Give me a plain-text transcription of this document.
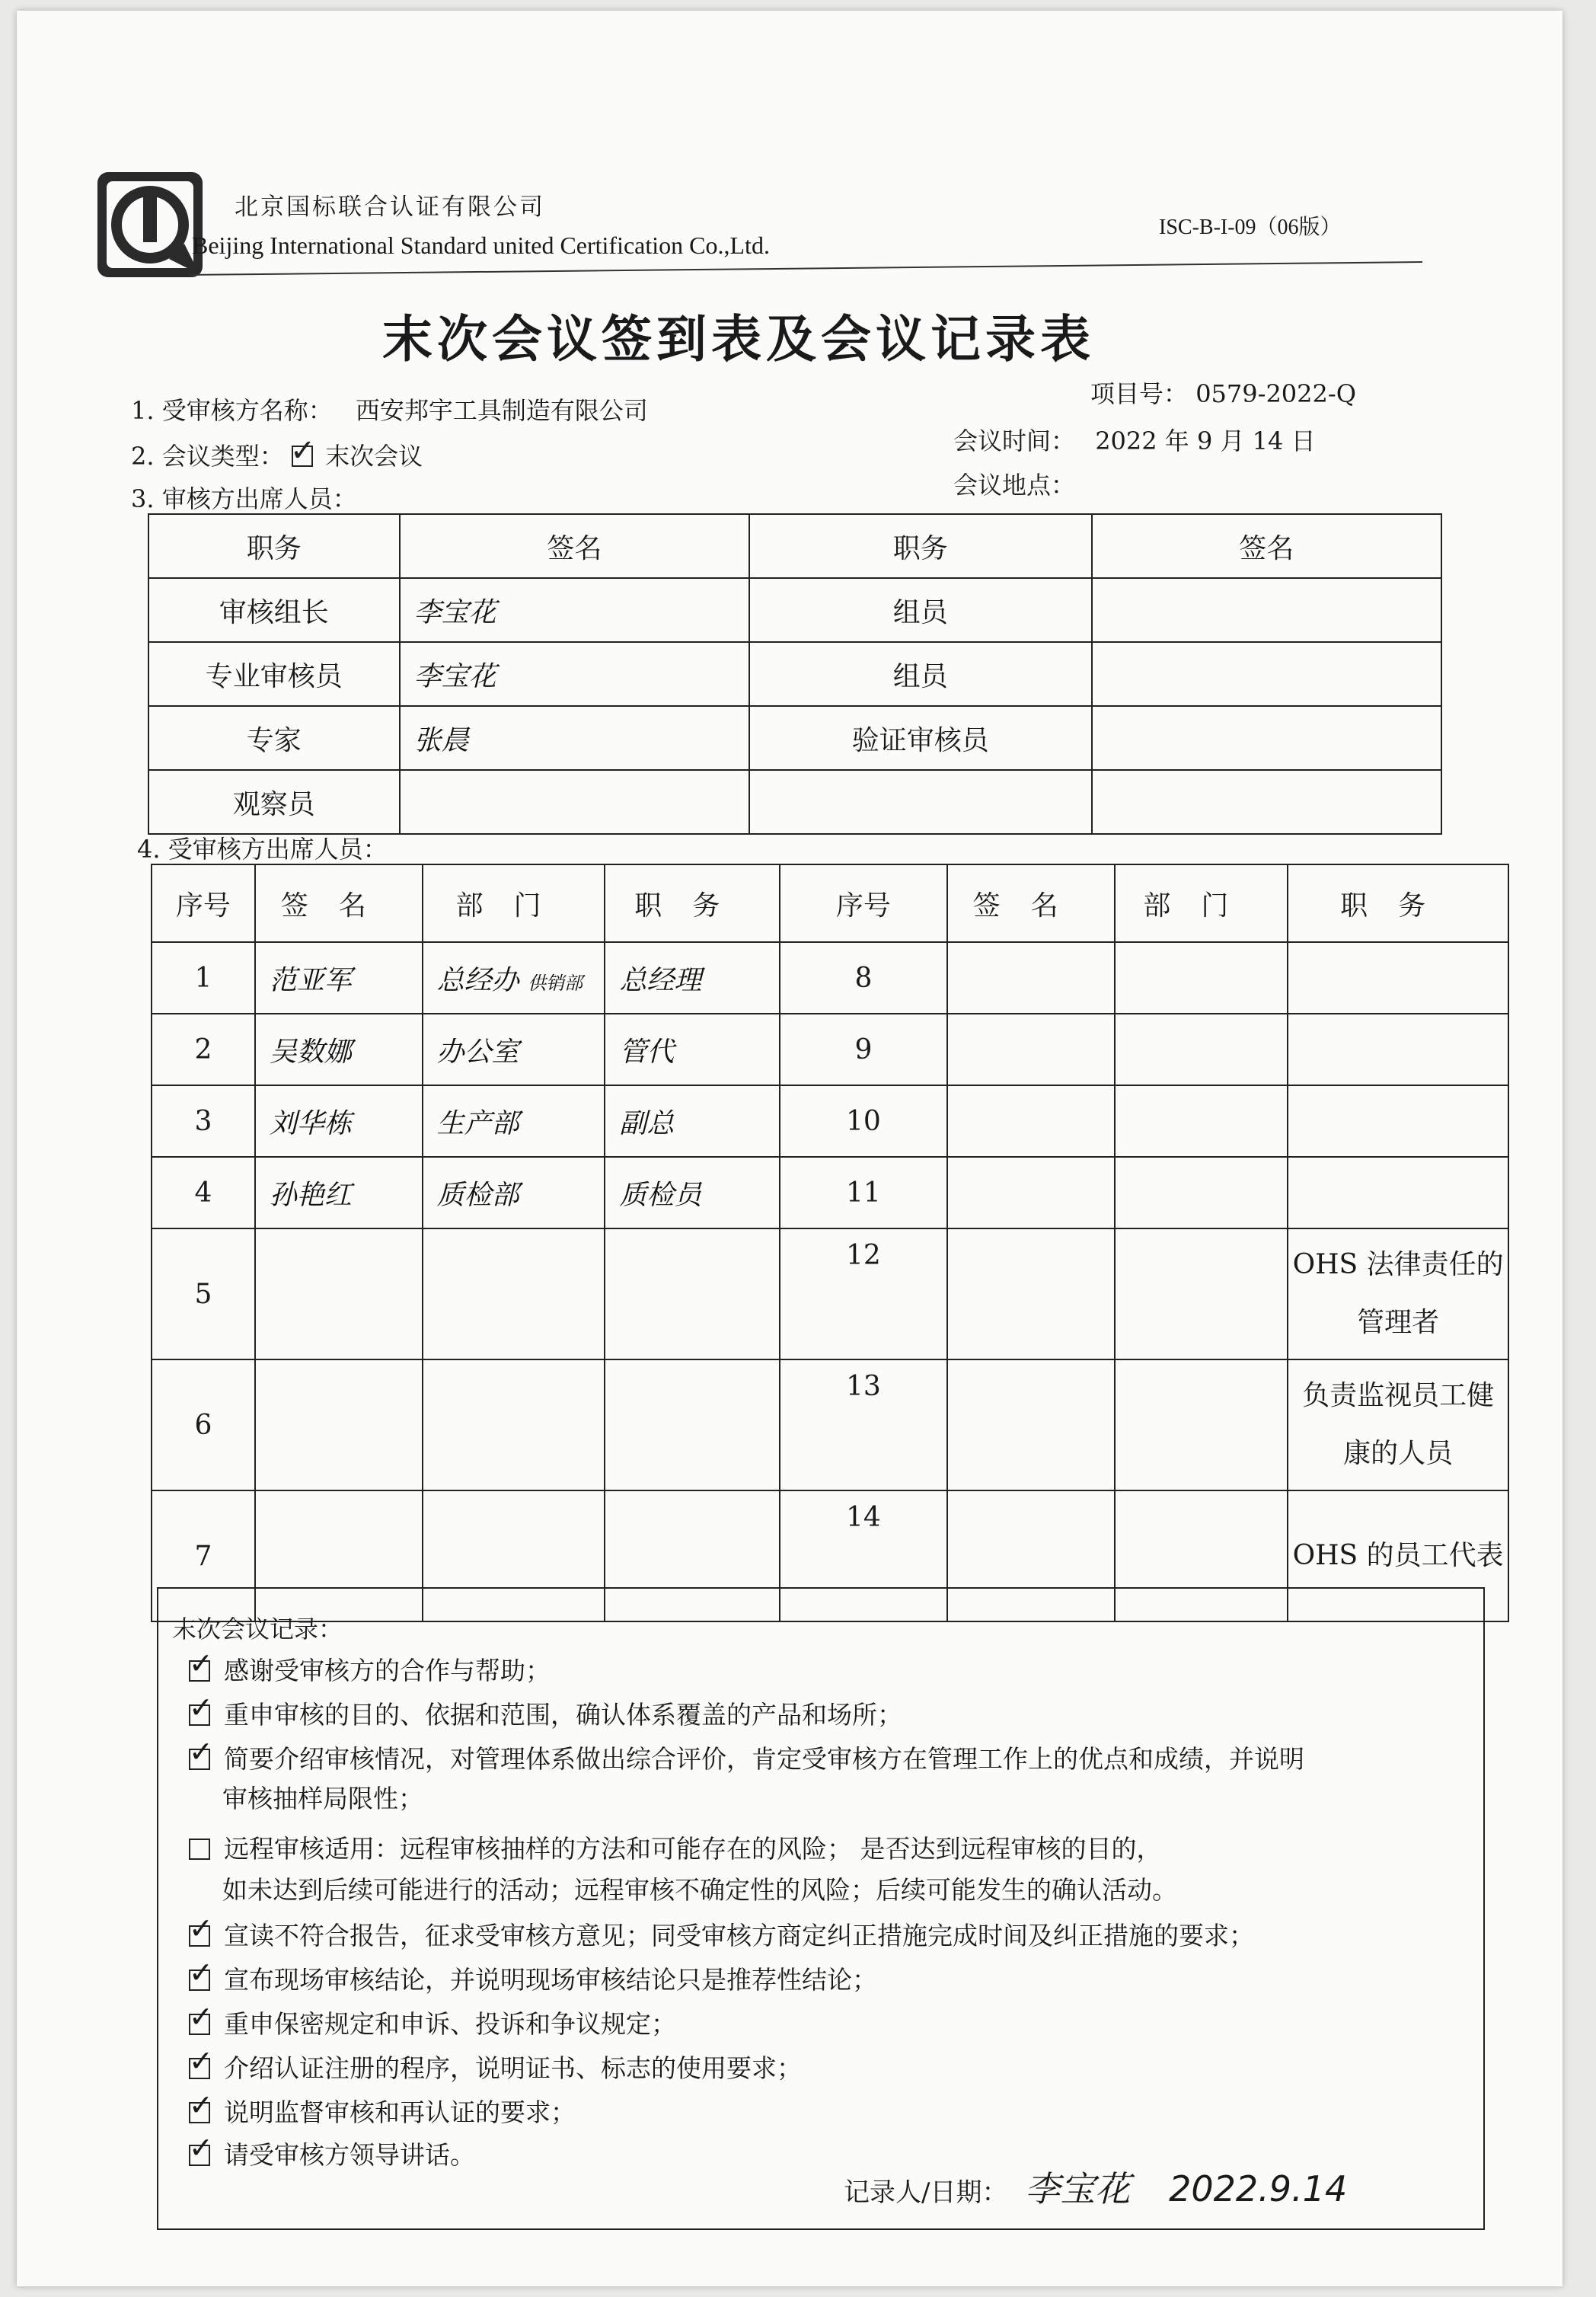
北京国标联合认证有限公司
Beijing International Standard united Certification Co.,Ltd.
ISC-B-I-09（06版）
末次会议签到表及会议记录表
1. 受审核方名称： 西安邦宇工具制造有限公司
项目号： 0579-2022-Q
2. 会议类型： ✓ 末次会议
会议时间： 2022 年 9 月 14 日
会议地点：
3. 审核方出席人员：
职务	签名	职务	签名
审核组长	李宝花	组员	
专业审核员	李宝花	组员	
专家	张晨	验证审核员	
观察员			
4. 受审核方出席人员：
序号	签名	部门	职务	序号	签名	部门	职务
1	范亚军	总经办 供销部	总经理	8			
2	吴数娜	办公室	管代	9			
3	刘华栋	生产部	副总	10			
4	孙艳红	质检部	质检员	11			
5				12			OHS 法律责任的管理者
6				13			负责监视员工健康的人员
7				14			OHS 的员工代表
末次会议记录：
✓感谢受审核方的合作与帮助；
✓重申审核的目的、依据和范围，确认体系覆盖的产品和场所；
✓简要介绍审核情况，对管理体系做出综合评价，肯定受审核方在管理工作上的优点和成绩，并说明
审核抽样局限性；
远程审核适用：远程审核抽样的方法和可能存在的风险； 是否达到远程审核的目的，
如未达到后续可能进行的活动；远程审核不确定性的风险；后续可能发生的确认活动。
✓宣读不符合报告，征求受审核方意见；同受审核方商定纠正措施完成时间及纠正措施的要求；
✓宣布现场审核结论，并说明现场审核结论只是推荐性结论；
✓重申保密规定和申诉、投诉和争议规定；
✓介绍认证注册的程序，说明证书、标志的使用要求；
✓说明监督审核和再认证的要求；
✓请受审核方领导讲话。
记录人/日期： 李宝花 2022.9.14
